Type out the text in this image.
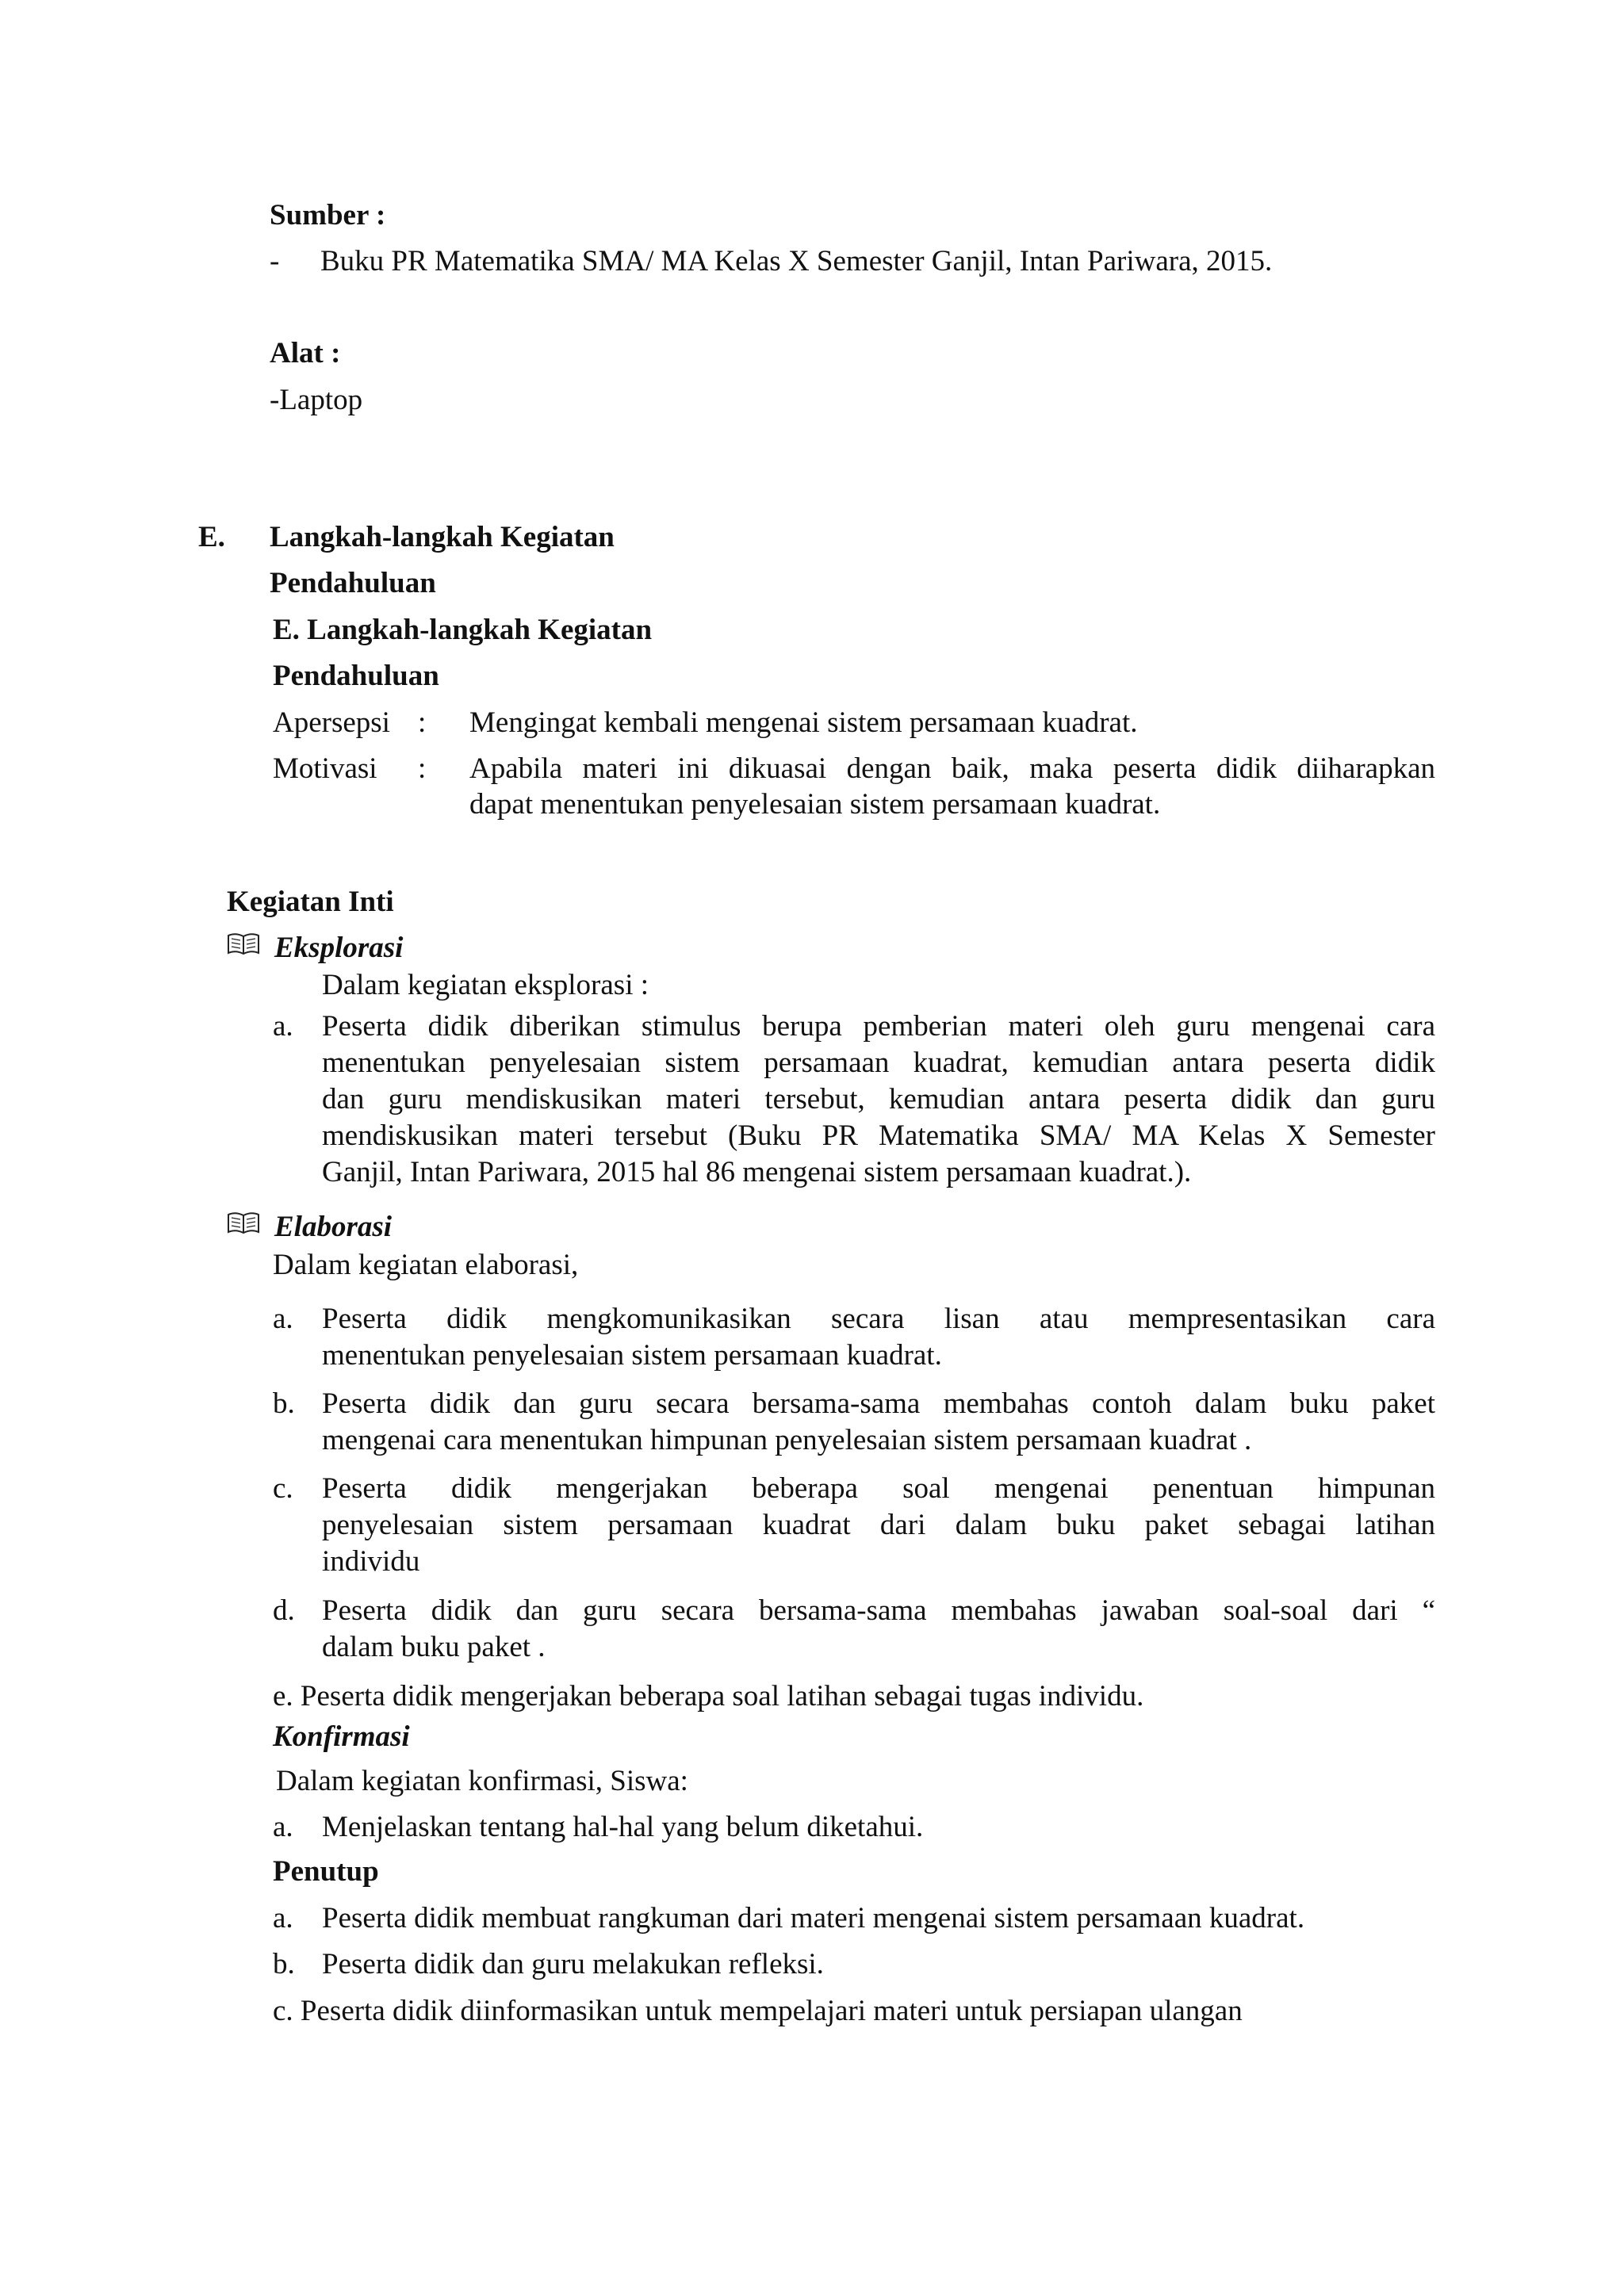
Sumber :
- Buku PR Matematika SMA/ MA Kelas X Semester Ganjil, Intan Pariwara, 2015.
Alat :
-Laptop
E. Langkah-langkah Kegiatan
Pendahuluan
E. Langkah-langkah Kegiatan
Pendahuluan
Apersepsi : Mengingat kembali mengenai sistem persamaan kuadrat.
Motivasi : Apabila materi ini dikuasai dengan baik, maka peserta didik diiharapkan
dapat menentukan penyelesaian sistem persamaan kuadrat.
Kegiatan Inti
Eksplorasi
Dalam kegiatan eksplorasi :
a. Peserta didik diberikan stimulus berupa pemberian materi oleh guru mengenai cara
menentukan penyelesaian sistem persamaan kuadrat, kemudian antara peserta didik
dan guru mendiskusikan materi tersebut, kemudian antara peserta didik dan guru
mendiskusikan materi tersebut (Buku PR Matematika SMA/ MA Kelas X Semester
Ganjil, Intan Pariwara, 2015 hal 86 mengenai sistem persamaan kuadrat.).
Elaborasi
Dalam kegiatan elaborasi,
a. Peserta didik mengkomunikasikan secara lisan atau mempresentasikan cara
menentukan penyelesaian sistem persamaan kuadrat.
b. Peserta didik dan guru secara bersama-sama membahas contoh dalam buku paket
mengenai cara menentukan himpunan penyelesaian sistem persamaan kuadrat .
c. Peserta didik mengerjakan beberapa soal mengenai penentuan himpunan
penyelesaian sistem persamaan kuadrat dari dalam buku paket sebagai latihan
individu
d. Peserta didik dan guru secara bersama-sama membahas jawaban soal-soal dari “
dalam buku paket .
e. Peserta didik mengerjakan beberapa soal latihan sebagai tugas individu.
Konfirmasi
Dalam kegiatan konfirmasi, Siswa:
a. Menjelaskan tentang hal-hal yang belum diketahui.
Penutup
a. Peserta didik membuat rangkuman dari materi mengenai sistem persamaan kuadrat.
b. Peserta didik dan guru melakukan refleksi.
c. Peserta didik diinformasikan untuk mempelajari materi untuk persiapan ulangan
